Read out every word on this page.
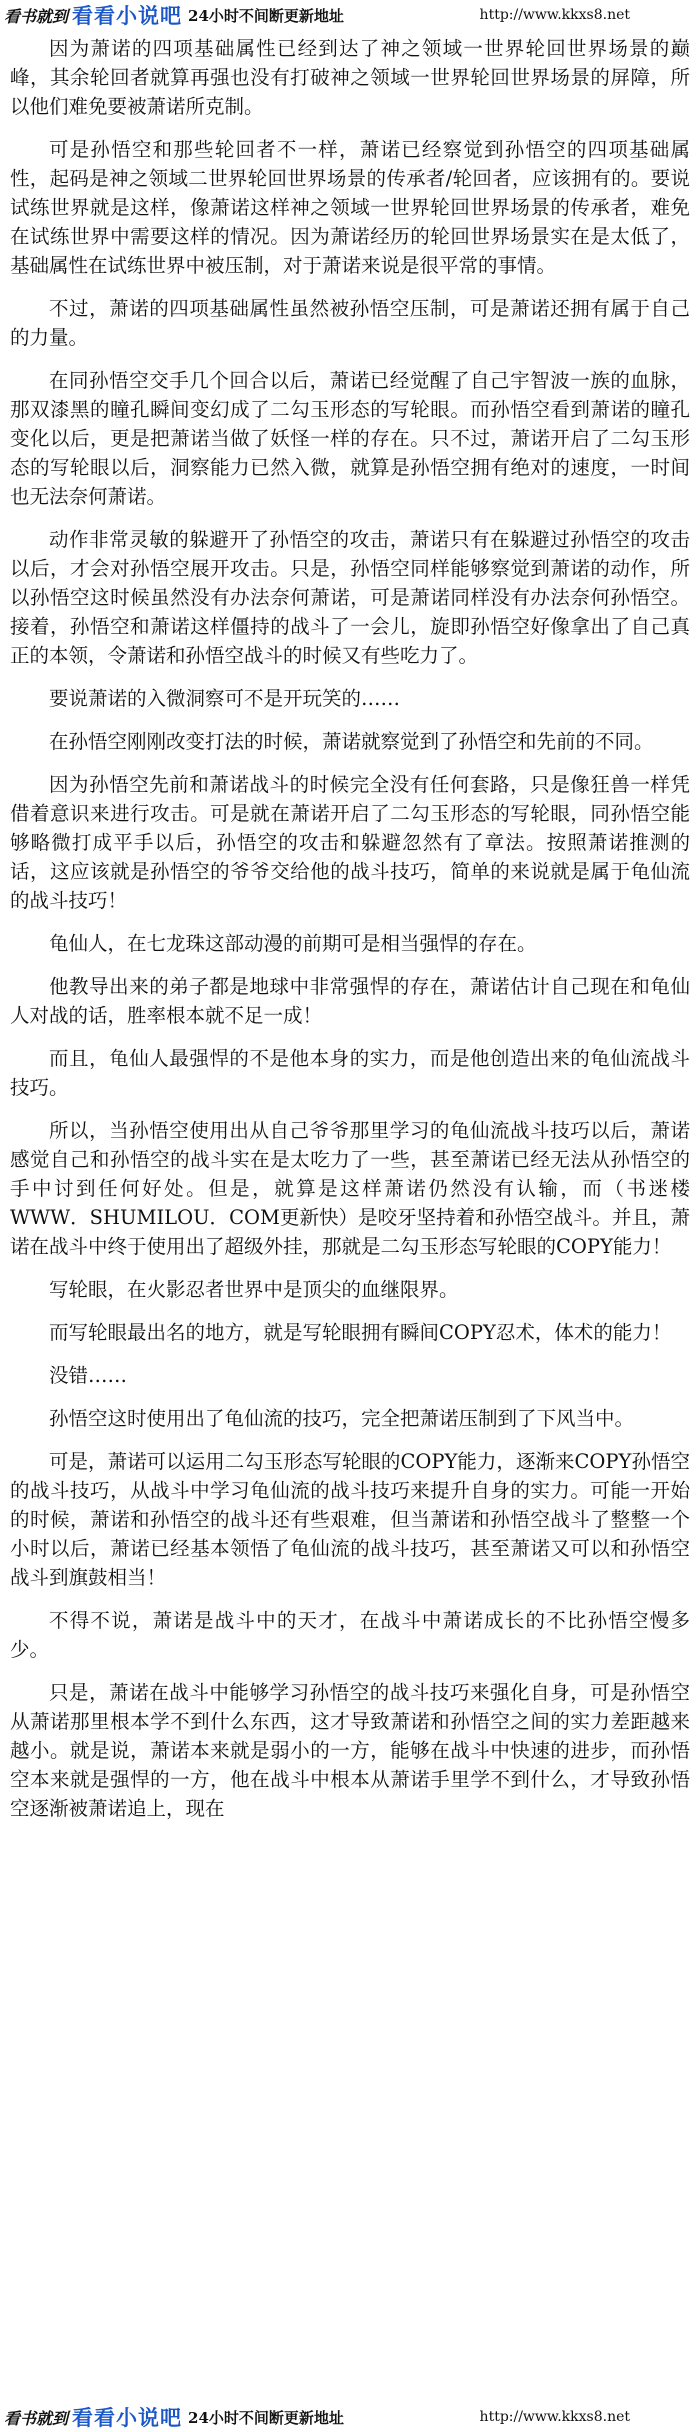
看书就到 看看小说吧 24小时不间断更新地址	http://www.kkxs8.net

因为萧诺的四项基础属性已经到达了神之领域一世界轮回世界场景的巅峰，其余轮回者就算再强也没有打破神之领域一世界轮回世界场景的屏障，所以他们难免要被萧诺所克制。

可是孙悟空和那些轮回者不一样，萧诺已经察觉到孙悟空的四项基础属性，起码是神之领域二世界轮回世界场景的传承者/轮回者，应该拥有的。要说试练世界就是这样，像萧诺这样神之领域一世界轮回世界场景的传承者，难免在试练世界中需要这样的情况。因为萧诺经历的轮回世界场景实在是太低了，基础属性在试练世界中被压制，对于萧诺来说是很平常的事情。

不过，萧诺的四项基础属性虽然被孙悟空压制，可是萧诺还拥有属于自己的力量。

在同孙悟空交手几个回合以后，萧诺已经觉醒了自己宇智波一族的血脉，那双漆黑的瞳孔瞬间变幻成了二勾玉形态的写轮眼。而孙悟空看到萧诺的瞳孔变化以后，更是把萧诺当做了妖怪一样的存在。只不过，萧诺开启了二勾玉形态的写轮眼以后，洞察能力已然入微，就算是孙悟空拥有绝对的速度，一时间也无法奈何萧诺。

动作非常灵敏的躲避开了孙悟空的攻击，萧诺只有在躲避过孙悟空的攻击以后，才会对孙悟空展开攻击。只是，孙悟空同样能够察觉到萧诺的动作，所以孙悟空这时候虽然没有办法奈何萧诺，可是萧诺同样没有办法奈何孙悟空。接着，孙悟空和萧诺这样僵持的战斗了一会儿，旋即孙悟空好像拿出了自己真正的本领，令萧诺和孙悟空战斗的时候又有些吃力了。

要说萧诺的入微洞察可不是开玩笑的……

在孙悟空刚刚改变打法的时候，萧诺就察觉到了孙悟空和先前的不同。

因为孙悟空先前和萧诺战斗的时候完全没有任何套路，只是像狂兽一样凭借着意识来进行攻击。可是就在萧诺开启了二勾玉形态的写轮眼，同孙悟空能够略微打成平手以后，孙悟空的攻击和躲避忽然有了章法。按照萧诺推测的话，这应该就是孙悟空的爷爷交给他的战斗技巧，简单的来说就是属于龟仙流的战斗技巧！

龟仙人，在七龙珠这部动漫的前期可是相当强悍的存在。

他教导出来的弟子都是地球中非常强悍的存在，萧诺估计自己现在和龟仙人对战的话，胜率根本就不足一成！

而且，龟仙人最强悍的不是他本身的实力，而是他创造出来的龟仙流战斗技巧。

所以，当孙悟空使用出从自己爷爷那里学习的龟仙流战斗技巧以后，萧诺感觉自己和孙悟空的战斗实在是太吃力了一些，甚至萧诺已经无法从孙悟空的手中讨到任何好处。但是，就算是这样萧诺仍然没有认输，而（书迷楼WWW．SHUMILOU．COM更新快）是咬牙坚持着和孙悟空战斗。并且，萧诺在战斗中终于使用出了超级外挂，那就是二勾玉形态写轮眼的COPY能力！

写轮眼，在火影忍者世界中是顶尖的血继限界。

而写轮眼最出名的地方，就是写轮眼拥有瞬间COPY忍术，体术的能力！

没错……

孙悟空这时使用出了龟仙流的技巧，完全把萧诺压制到了下风当中。

可是，萧诺可以运用二勾玉形态写轮眼的COPY能力，逐渐来COPY孙悟空的战斗技巧，从战斗中学习龟仙流的战斗技巧来提升自身的实力。可能一开始的时候，萧诺和孙悟空的战斗还有些艰难，但当萧诺和孙悟空战斗了整整一个小时以后，萧诺已经基本领悟了龟仙流的战斗技巧，甚至萧诺又可以和孙悟空战斗到旗鼓相当！

不得不说，萧诺是战斗中的天才，在战斗中萧诺成长的不比孙悟空慢多少。

只是，萧诺在战斗中能够学习孙悟空的战斗技巧来强化自身，可是孙悟空从萧诺那里根本学不到什么东西，这才导致萧诺和孙悟空之间的实力差距越来越小。就是说，萧诺本来就是弱小的一方，能够在战斗中快速的进步，而孙悟空本来就是强悍的一方，他在战斗中根本从萧诺手里学不到什么，才导致孙悟空逐渐被萧诺追上，现在

看书就到 看看小说吧 24小时不间断更新地址	http://www.kkxs8.net
